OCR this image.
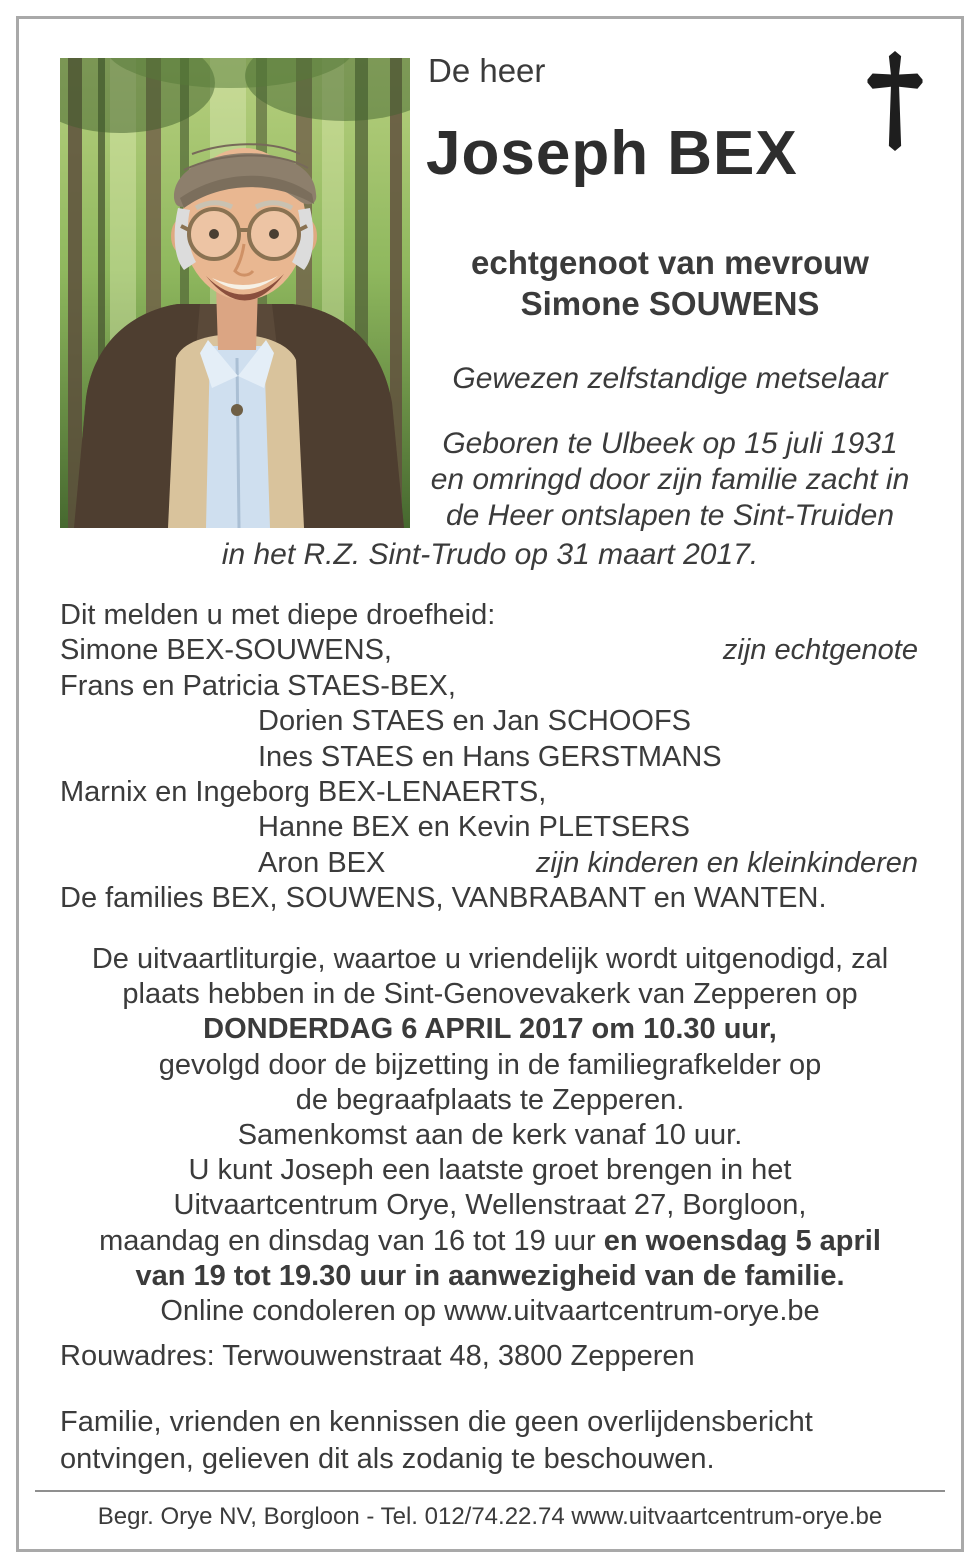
De heer
Joseph BEX
echtgenoot van mevrouw
Simone SOUWENS
Gewezen zelfstandige metselaar
Geboren te Ulbeek op 15 juli 1931
en omringd door zijn familie zacht in
de Heer ontslapen te Sint-Truiden
in het R.Z. Sint-Trudo op 31 maart 2017.
Dit melden u met diepe droefheid:
Simone BEX-SOUWENS,	zijn echtgenote
Frans en Patricia STAES-BEX,
Dorien STAES en Jan SCHOOFS
Ines STAES en Hans GERSTMANS
Marnix en Ingeborg BEX-LENAERTS,
Hanne BEX en Kevin PLETSERS
Aron BEX	zijn kinderen en kleinkinderen
De families BEX, SOUWENS, VANBRABANT en WANTEN.
De uitvaartliturgie, waartoe u vriendelijk wordt uitgenodigd, zal
plaats hebben in de Sint-Genovevakerk van Zepperen op
DONDERDAG 6 APRIL 2017 om 10.30 uur,
gevolgd door de bijzetting in de familiegrafkelder op
de begraafplaats te Zepperen.
Samenkomst aan de kerk vanaf 10 uur.
U kunt Joseph een laatste groet brengen in het
Uitvaartcentrum Orye, Wellenstraat 27, Borgloon,
maandag en dinsdag van 16 tot 19 uur en woensdag 5 april
van 19 tot 19.30 uur in aanwezigheid van de familie.
Online condoleren op www.uitvaartcentrum-orye.be
Rouwadres: Terwouwenstraat 48, 3800 Zepperen
Familie, vrienden en kennissen die geen overlijdensbericht
ontvingen, gelieven dit als zodanig te beschouwen.
Begr. Orye NV, Borgloon - Tel. 012/74.22.74 www.uitvaartcentrum-orye.be
